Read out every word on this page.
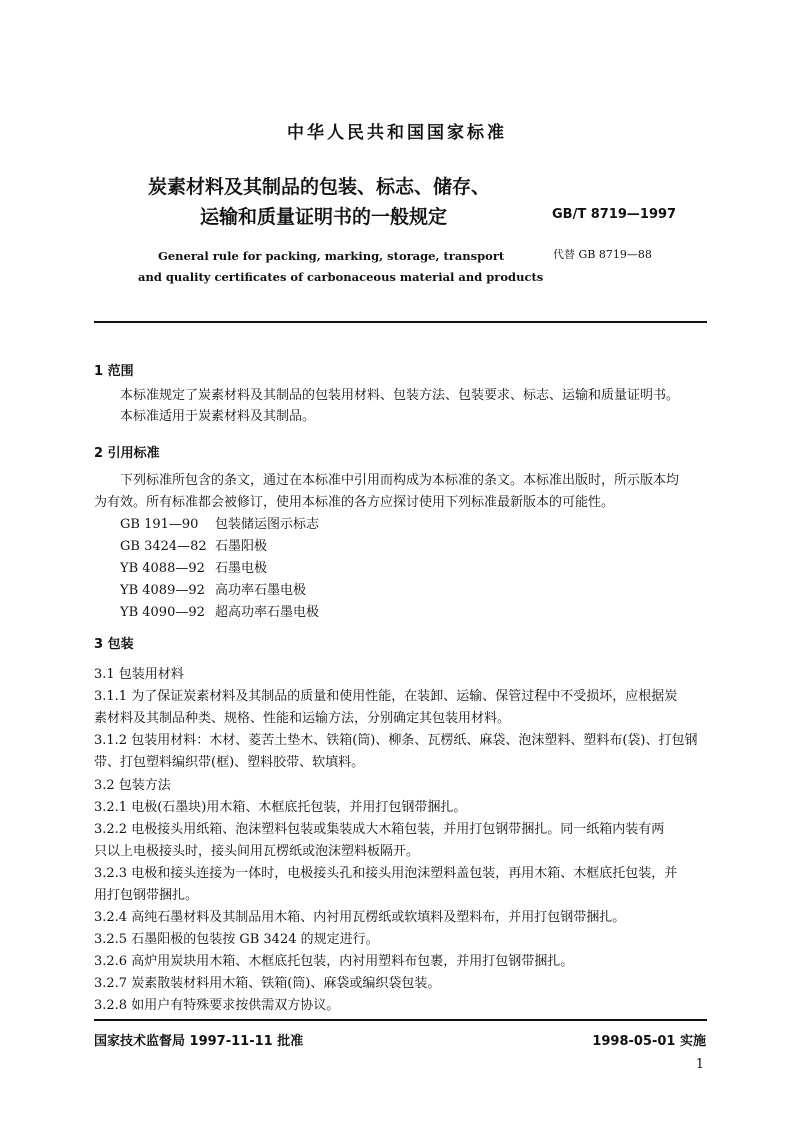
中华人民共和国国家标准
炭素材料及其制品的包装、标志、储存、
运输和质量证明书的一般规定	GB/T 8719—1997
代替 GB 8719—88
General rule for packing, marking, storage, transport
and quality certificates of carbonaceous material and products
1 范围
本标准规定了炭素材料及其制品的包装用材料、包装方法、包装要求、标志、运输和质量证明书。
本标准适用于炭素材料及其制品。
2 引用标准
下列标准所包含的条文，通过在本标准中引用而构成为本标准的条文。本标准出版时，所示版本均
为有效。所有标准都会被修订，使用本标准的各方应探讨使用下列标准最新版本的可能性。
GB 191—90 包装储运图示标志
GB 3424—82 石墨阳极
YB 4088—92 石墨电极
YB 4089—92 高功率石墨电极
YB 4090—92 超高功率石墨电极
3 包装
3.1 包装用材料
3.1.1 为了保证炭素材料及其制品的质量和使用性能，在装卸、运输、保管过程中不受损坏，应根据炭
素材料及其制品种类、规格、性能和运输方法，分别确定其包装用材料。
3.1.2 包装用材料：木材、菱苦土垫木、铁箱(筒)、柳条、瓦楞纸、麻袋、泡沫塑料、塑料布(袋)、打包钢
带、打包塑料编织带(框)、塑料胶带、软填料。
3.2 包装方法
3.2.1 电极(石墨块)用木箱、木框底托包装，并用打包钢带捆扎。
3.2.2 电极接头用纸箱、泡沫塑料包装或集装成大木箱包装，并用打包钢带捆扎。同一纸箱内装有两
只以上电极接头时，接头间用瓦楞纸或泡沫塑料板隔开。
3.2.3 电极和接头连接为一体时，电极接头孔和接头用泡沫塑料盖包装，再用木箱、木框底托包装，并
用打包钢带捆扎。
3.2.4 高纯石墨材料及其制品用木箱、内衬用瓦楞纸或软填料及塑料布，并用打包钢带捆扎。
3.2.5 石墨阳极的包装按 GB 3424 的规定进行。
3.2.6 高炉用炭块用木箱、木框底托包装，内衬用塑料布包裹，并用打包钢带捆扎。
3.2.7 炭素散装材料用木箱、铁箱(筒)、麻袋或编织袋包装。
3.2.8 如用户有特殊要求按供需双方协议。
国家技术监督局 1997-11-11 批准	1998-05-01 实施
1
